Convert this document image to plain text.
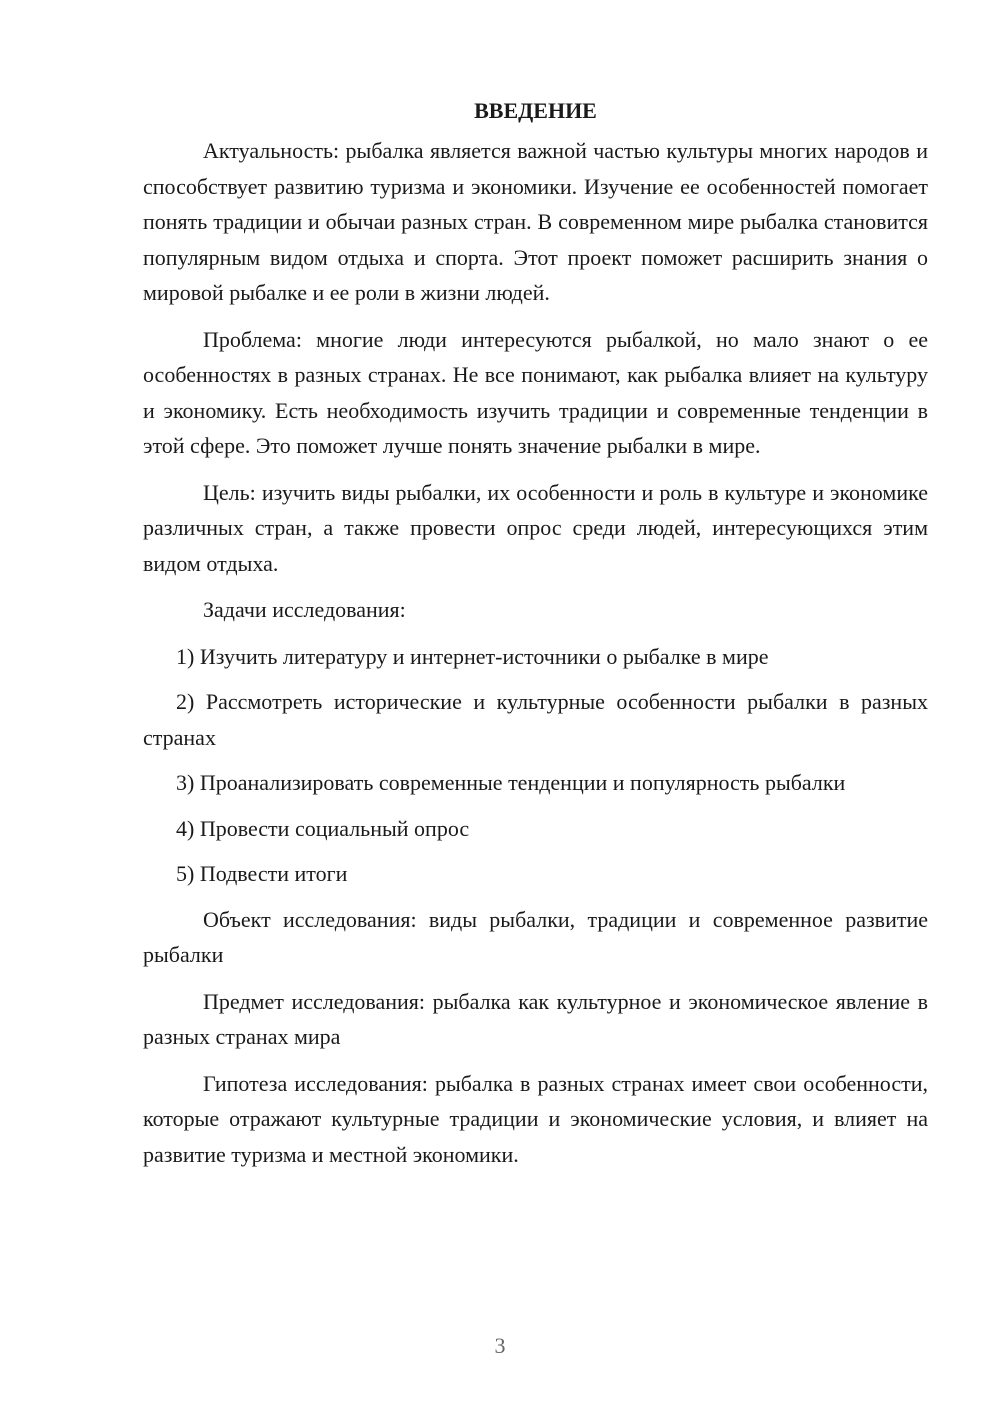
ВВЕДЕНИЕ

Актуальность: рыбалка является важной частью культуры многих народов и способствует развитию туризма и экономики. Изучение ее особенностей помогает понять традиции и обычаи разных стран. В современном мире рыбалка становится популярным видом отдыха и спорта. Этот проект поможет расширить знания о мировой рыбалке и ее роли в жизни людей.

Проблема: многие люди интересуются рыбалкой, но мало знают о ее особенностях в разных странах. Не все понимают, как рыбалка влияет на культуру и экономику. Есть необходимость изучить традиции и современные тенденции в этой сфере. Это поможет лучше понять значение рыбалки в мире.

Цель: изучить виды рыбалки, их особенности и роль в культуре и экономике различных стран, а также провести опрос среди людей, интересующихся этим видом отдыха.

Задачи исследования:

1) Изучить литературу и интернет-источники о рыбалке в мире

2) Рассмотреть исторические и культурные особенности рыбалки в разных странах

3) Проанализировать современные тенденции и популярность рыбалки

4) Провести социальный опрос

5) Подвести итоги

Объект исследования: виды рыбалки, традиции и современное развитие рыбалки

Предмет исследования: рыбалка как культурное и экономическое явление в разных странах мира

Гипотеза исследования: рыбалка в разных странах имеет свои особенности, которые отражают культурные традиции и экономические условия, и влияет на развитие туризма и местной экономики.

3
